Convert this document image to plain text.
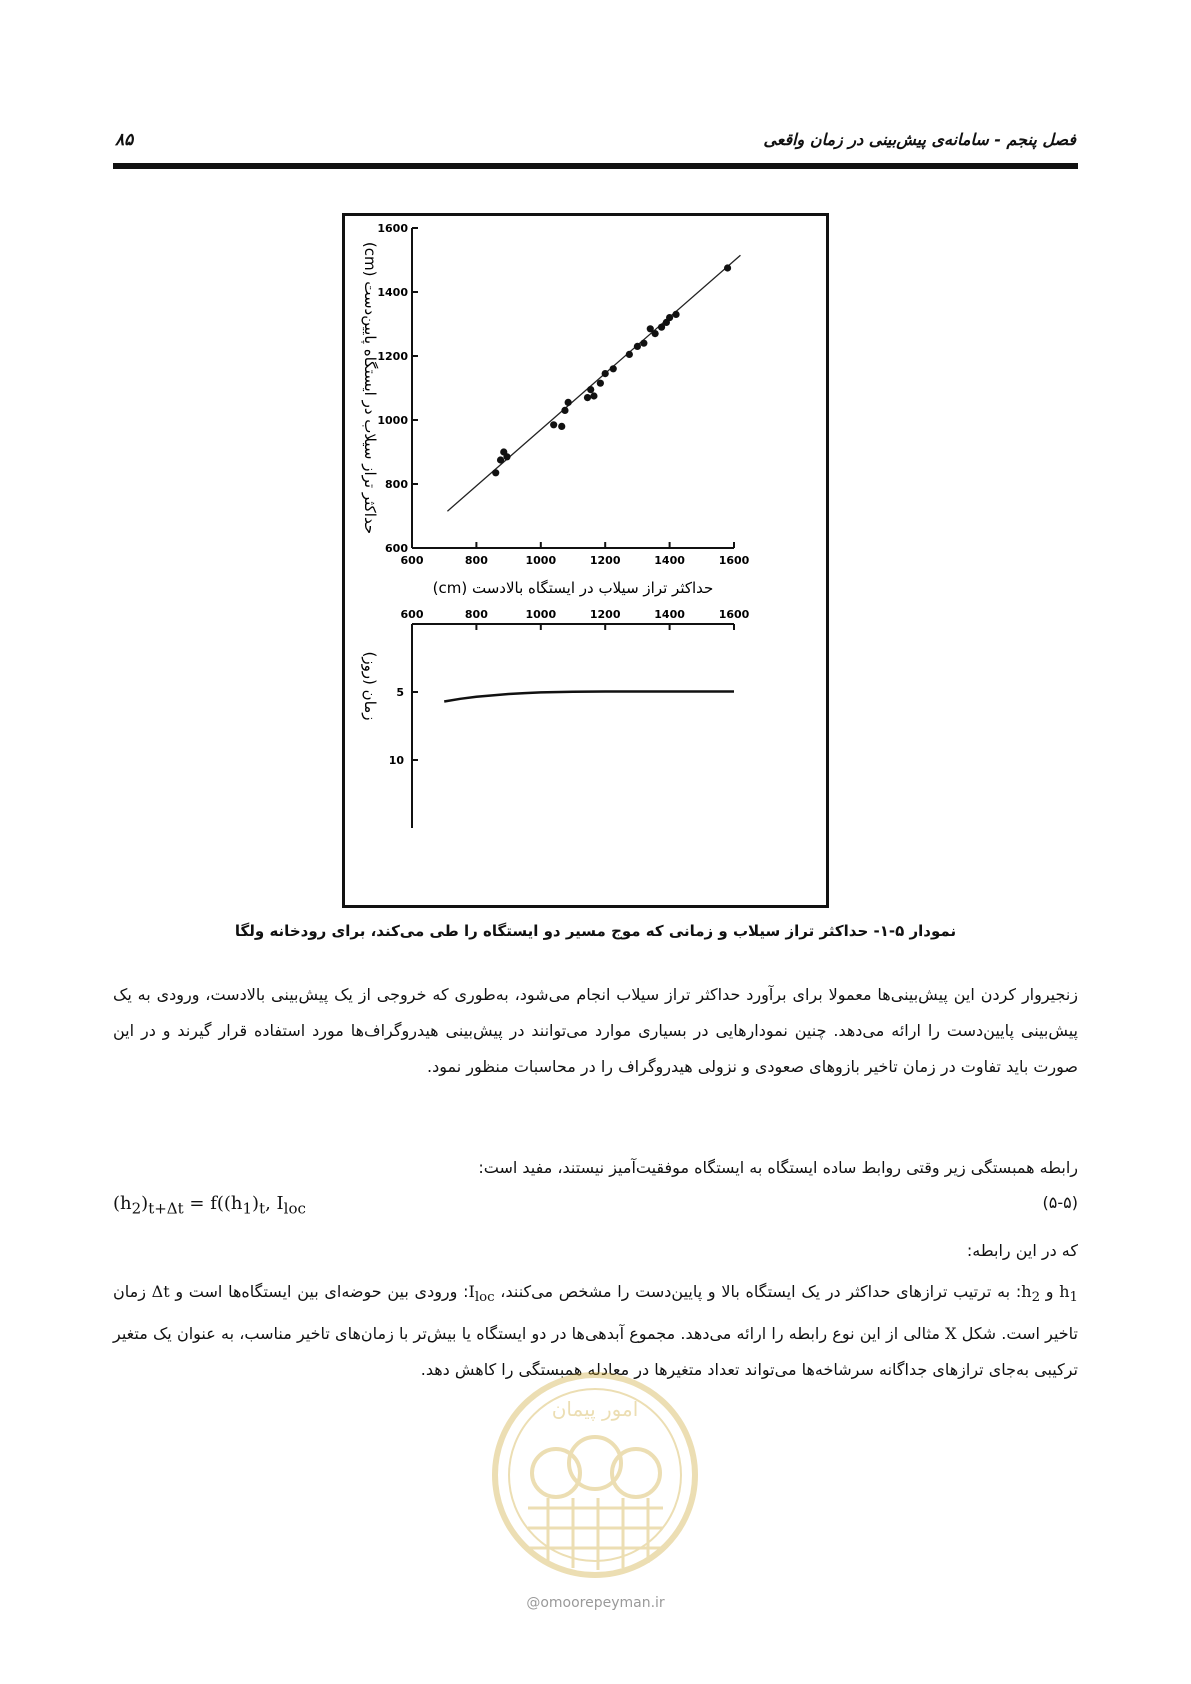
فصل پنجم - سامانه‌ی پیش‌بینی در زمان واقعی
۸۵
600
800
1000
1200
1400
1600
600	800	1000	1200	1400	1600
حداکثر تراز سیلاب در ایستگاه پایین‌دست (cm)
حداکثر تراز سیلاب در ایستگاه بالادست (cm)
600	800	1000	1200	1400	1600
5
10
زمان (روز)
نمودار ۵-۱- حداکثر تراز سیلاب و زمانی که موج مسیر دو ایستگاه را طی می‌کند، برای رودخانه ولگا
زنجیروار کردن این پیش‌بینی‌ها معمولا برای برآورد حداکثر تراز سیلاب انجام می‌شود، به‌طوری که خروجی از یک پیش‌بینی بالادست، ورودی به یک پیش‌بینی پایین‌دست را ارائه می‌دهد. چنین نمودارهایی در بسیاری موارد می‌توانند در پیش‌بینی هیدروگراف‌ها مورد استفاده قرار گیرند و در این صورت باید تفاوت در زمان تاخیر بازوهای صعودی و نزولی هیدروگراف را در محاسبات منظور نمود.
رابطه همبستگی زیر وقتی روابط ساده ایستگاه به ایستگاه موفقیت‌آمیز نیستند، مفید است:
$(h_2)_{t+\Delta t} = f((h_1)_t$, $I_{loc}$	(۵-۵)
که در این رابطه:
$h_1$ و $h_2$: به ترتیب ترازهای حداکثر در یک ایستگاه بالا و پایین‌دست را مشخص می‌کنند، $I_{loc}$: ورودی بین حوضه‌ای بین ایستگاه‌ها است و Δt زمان تاخیر است. شکل X مثالی از این نوع رابطه را ارائه می‌دهد. مجموع آبدهی‌ها در دو ایستگاه یا بیش‌تر با زمان‌های تاخیر مناسب، به عنوان یک متغیر ترکیبی به‌جای ترازهای جداگانه سرشاخه‌ها می‌تواند تعداد متغیرها در معادله همبستگی را کاهش دهد.
امور پیمان
@omoorepeyman.ir
